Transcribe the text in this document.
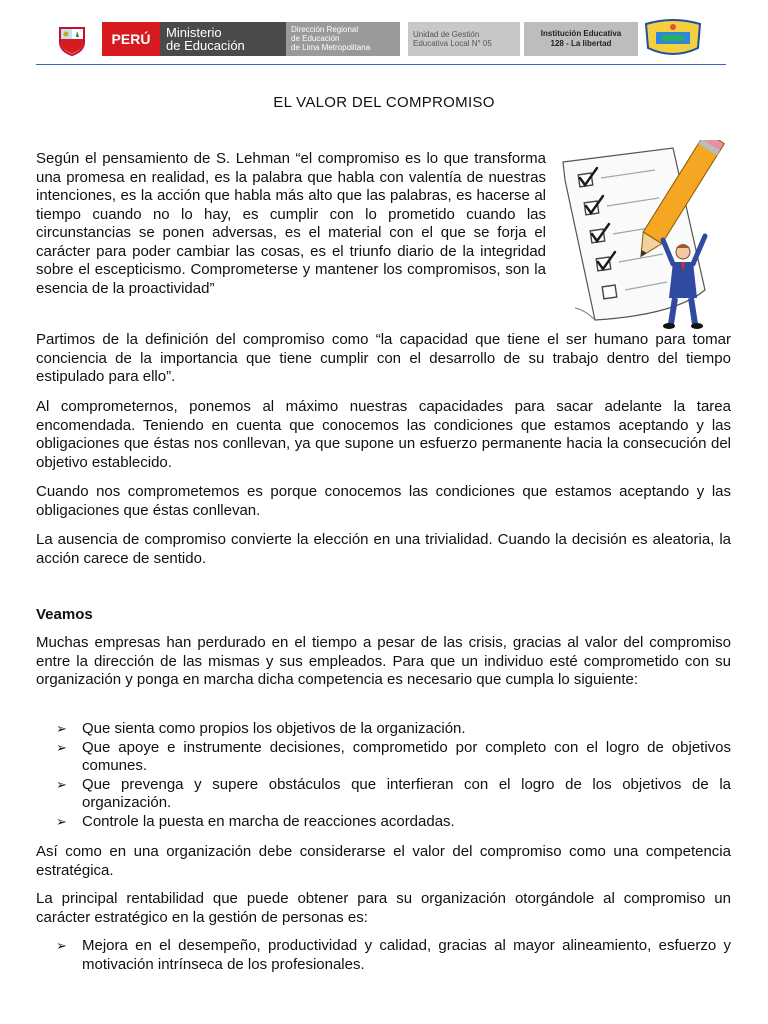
PERÚ	Ministerio
de Educación
Dirección Regional
de Educación
de Lima Metropolitana
Unidad de Gestión
Educativa Local N° 05
Institución Educativa
128 - La libertad
EL VALOR DEL COMPROMISO
Según el pensamiento de S. Lehman “el compromiso es lo que transforma una promesa en realidad, es la palabra que habla con valentía de nuestras intenciones, es la acción que habla más alto que las palabras, es hacerse al tiempo cuando no lo hay, es cumplir con lo prometido cuando las circunstancias se ponen adversas, es el material con el que se forja el carácter para poder cambiar las cosas, es el triunfo diario de la integridad sobre el escepticismo. Comprometerse y mantener los compromisos, son la esencia de la proactividad”
Partimos de la definición del compromiso como “la capacidad que tiene el ser humano para tomar conciencia de la importancia que tiene cumplir con el desarrollo de su trabajo dentro del tiempo estipulado para ello”.
Al comprometernos, ponemos al máximo nuestras capacidades para sacar adelante la tarea encomendada. Teniendo en cuenta que conocemos las condiciones que estamos aceptando y las obligaciones que éstas nos conllevan, ya que supone un esfuerzo permanente hacia la consecución del objetivo establecido.
Cuando nos comprometemos es porque conocemos las condiciones que estamos aceptando y las obligaciones que éstas conllevan.
La ausencia de compromiso convierte la elección en una trivialidad. Cuando la decisión es aleatoria, la acción carece de sentido.
Veamos
Muchas empresas han perdurado en el tiempo a pesar de las crisis, gracias al valor del compromiso entre la dirección de las mismas y sus empleados. Para que un individuo esté comprometido con su organización y ponga en marcha dicha competencia es necesario que cumpla lo siguiente:
➢	Que sienta como propios los objetivos de la organización.
➢	Que apoye e instrumente decisiones, comprometido por completo con el logro de objetivos comunes.
➢	Que prevenga y supere obstáculos que interfieran con el logro de los objetivos de la organización.
➢	Controle la puesta en marcha de reacciones acordadas.
Así como en una organización debe considerarse el valor del compromiso como una competencia estratégica.
La principal rentabilidad que puede obtener para su organización otorgándole al compromiso un carácter estratégico en la gestión de personas es:
➢	Mejora en el desempeño, productividad y calidad, gracias al mayor alineamiento, esfuerzo y motivación intrínseca de los profesionales.
